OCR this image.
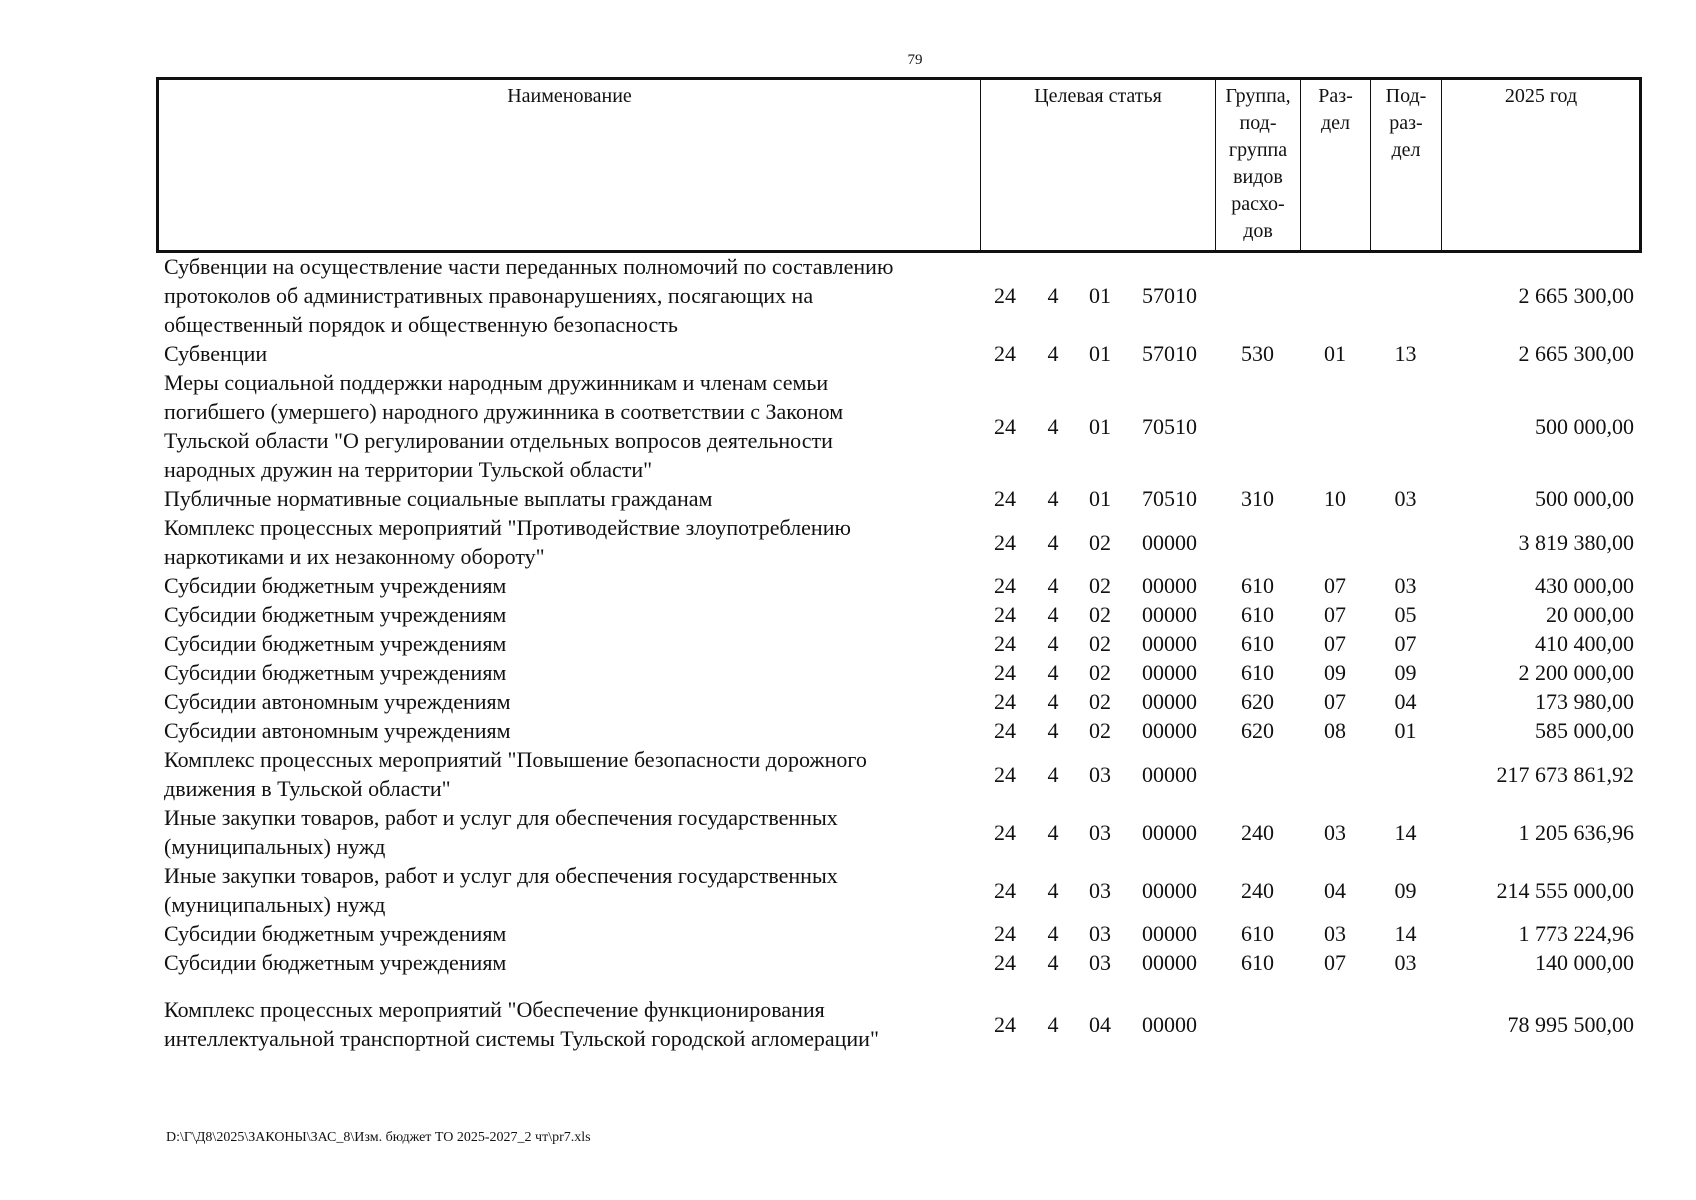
79
Наименование	Целевая статья	Группа,
под-
группа
видов
расхо-
дов	Раз-
дел	Под-
раз-
дел	2025 год
Субвенции на осуществление части переданных полномочий по составлению
протоколов об административных правонарушениях, посягающих на
общественный порядок и общественную безопасность	24	4	01	57010				2 665 300,00
Субвенции	24	4	01	57010	530	01	13	2 665 300,00
Меры социальной поддержки народным дружинникам и членам семьи
погибшего (умершего) народного дружинника в соответствии с Законом
Тульской области "О регулировании отдельных вопросов деятельности
народных дружин на территории Тульской области"	24	4	01	70510				500 000,00
Публичные нормативные социальные выплаты гражданам	24	4	01	70510	310	10	03	500 000,00
Комплекс процессных мероприятий "Противодействие злоупотреблению
наркотиками и их незаконному обороту"	24	4	02	00000				3 819 380,00
Субсидии бюджетным учреждениям	24	4	02	00000	610	07	03	430 000,00
Субсидии бюджетным учреждениям	24	4	02	00000	610	07	05	20 000,00
Субсидии бюджетным учреждениям	24	4	02	00000	610	07	07	410 400,00
Субсидии бюджетным учреждениям	24	4	02	00000	610	09	09	2 200 000,00
Субсидии автономным учреждениям	24	4	02	00000	620	07	04	173 980,00
Субсидии автономным учреждениям	24	4	02	00000	620	08	01	585 000,00
Комплекс процессных мероприятий "Повышение безопасности дорожного
движения в Тульской области"	24	4	03	00000				217 673 861,92
Иные закупки товаров, работ и услуг для обеспечения государственных
(муниципальных) нужд	24	4	03	00000	240	03	14	1 205 636,96
Иные закупки товаров, работ и услуг для обеспечения государственных
(муниципальных) нужд	24	4	03	00000	240	04	09	214 555 000,00
Субсидии бюджетным учреждениям	24	4	03	00000	610	03	14	1 773 224,96
Субсидии бюджетным учреждениям	24	4	03	00000	610	07	03	140 000,00

Комплекс процессных мероприятий "Обеспечение функционирования
интеллектуальной транспортной системы Тульской городской агломерации"	24	4	04	00000				78 995 500,00
D:\Г\Д8\2025\ЗАКОНЫ\ЗАС_8\Изм. бюджет ТО 2025-2027_2 чт\pr7.xls
